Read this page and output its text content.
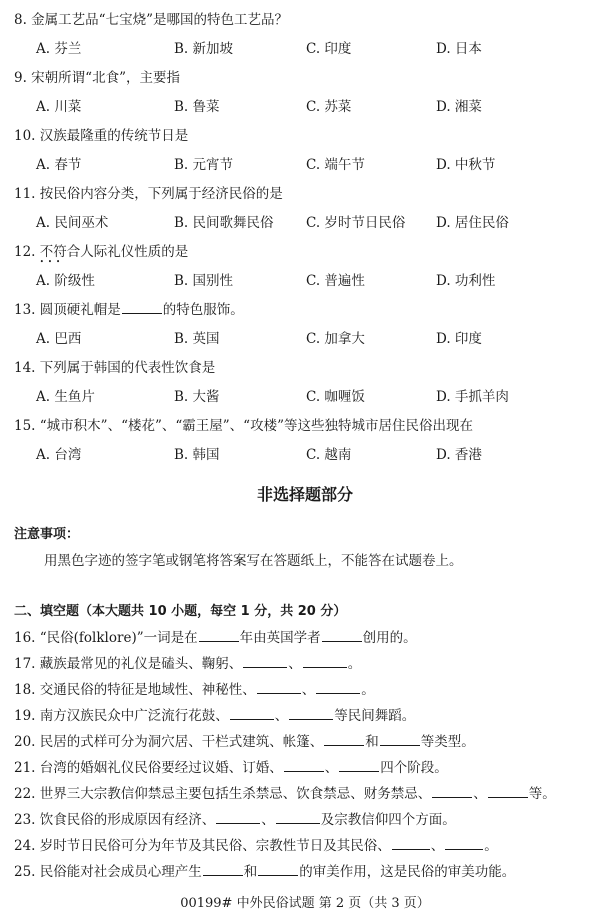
8. 金属工艺品“七宝烧”是哪国的特色工艺品？
A. 芬兰	B. 新加坡	C. 印度	D. 日本
9. 宋朝所谓“北食”，主要指
A. 川菜	B. 鲁菜	C. 苏菜	D. 湘菜
10. 汉族最隆重的传统节日是
A. 春节	B. 元宵节	C. 端午节	D. 中秋节
11. 按民俗内容分类，下列属于经济民俗的是
A. 民间巫术	B. 民间歌舞民俗 C. 岁时节日民俗 D. 居住民俗
12. 不符合 •••人际礼仪性质的是
A. 阶级性	B. 国别性	C. 普遍性	D. 功利性
13. 圆顶硬礼帽是	的特色服饰。
A. 巴西	B. 英国	C. 加拿大	D. 印度
14. 下列属于韩国的代表性饮食是
A. 生鱼片	B. 大酱	C. 咖喱饭	D. 手抓羊肉
15. “城市积木”、“楼花”、“霸王屋”、“攻楼”等这些独特城市居住民俗出现在
A. 台湾	B. 韩国	C. 越南	D. 香港
非选择题部分
注意事项：
用黑色字迹的签字笔或钢笔将答案写在答题纸上，不能答在试题卷上。
二、填空题（本大题共 10 小题，每空 1 分，共 20 分）
16. “民俗(folklore)”一词是在	年由英国学者	创用的。
17. 藏族最常见的礼仪是磕头、鞠躬、	、	。
18. 交通民俗的特征是地域性、神秘性、	、	。
19. 南方汉族民众中广泛流行花鼓、	、	等民间舞蹈。
20. 民居的式样可分为洞穴居、干栏式建筑、帐篷、	和	等类型。
21. 台湾的婚姻礼仪民俗要经过议婚、订婚、	、	四个阶段。
22. 世界三大宗教信仰禁忌主要包括生杀禁忌、饮食禁忌、财务禁忌、	、	等。
23. 饮食民俗的形成原因有经济、	、	及宗教信仰四个方面。
24. 岁时节日民俗可分为年节及其民俗、宗教性节日及其民俗、	、	。
25. 民俗能对社会成员心理产生	和	的审美作用，这是民俗的审美功能。
00199# 中外民俗试题 第 2 页（共 3 页）
